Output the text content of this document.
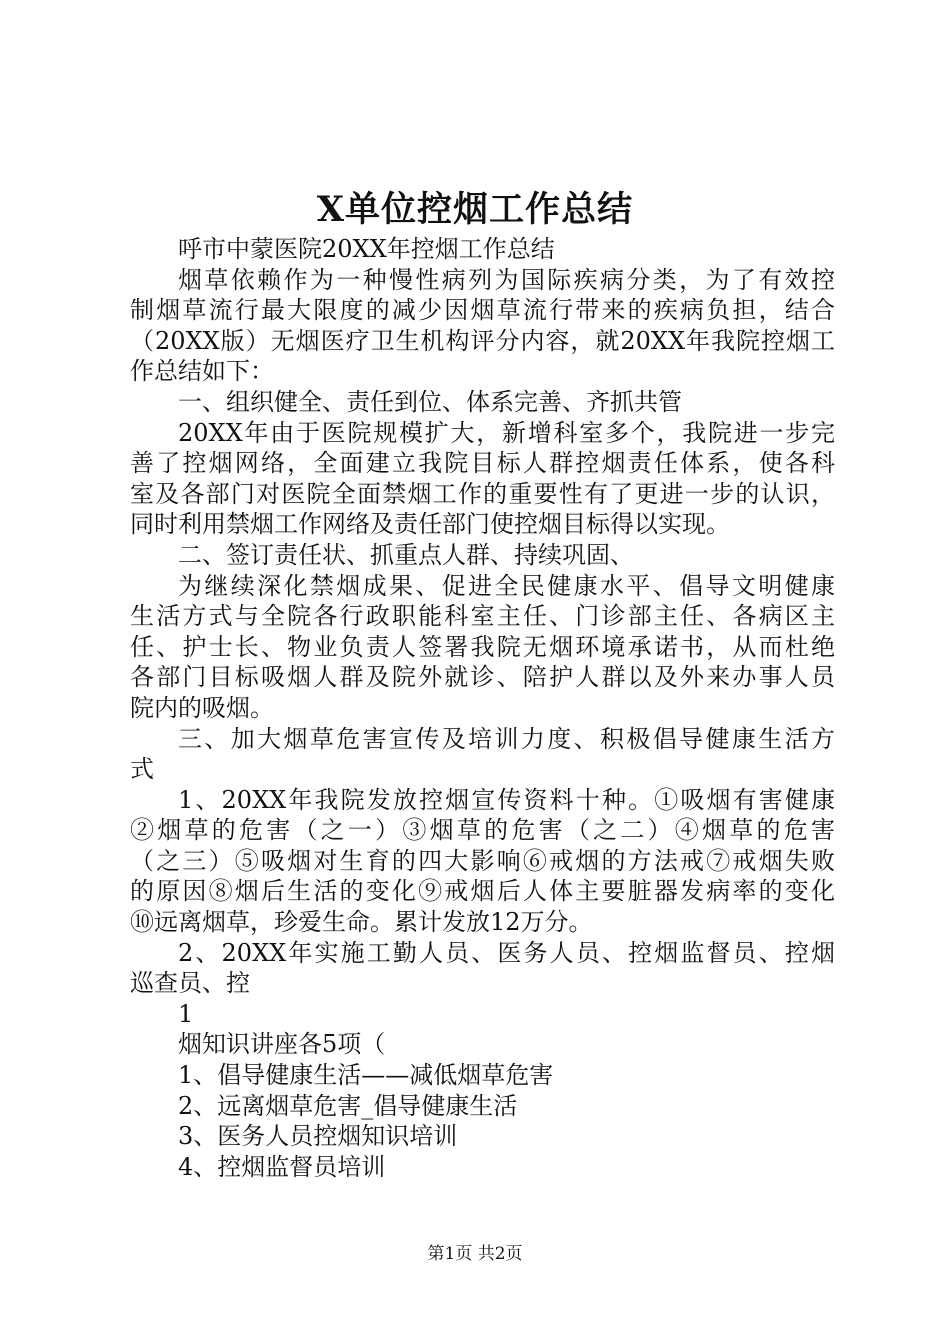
X单位控烟工作总结
呼市中蒙医院20XX年控烟工作总结
烟草依赖作为一种慢性病列为国际疾病分类，为了有效控
制烟草流行最大限度的减少因烟草流行带来的疾病负担，结合
（20XX版）无烟医疗卫生机构评分内容，就20XX年我院控烟工
作总结如下：
一、组织健全、责任到位、体系完善、齐抓共管
20XX年由于医院规模扩大，新增科室多个，我院进一步完
善了控烟网络，全面建立我院目标人群控烟责任体系，使各科
室及各部门对医院全面禁烟工作的重要性有了更进一步的认识，
同时利用禁烟工作网络及责任部门使控烟目标得以实现。
二、签订责任状、抓重点人群、持续巩固、
为继续深化禁烟成果、促进全民健康水平、倡导文明健康
生活方式与全院各行政职能科室主任、门诊部主任、各病区主
任、护士长、物业负责人签署我院无烟环境承诺书，从而杜绝
各部门目标吸烟人群及院外就诊、陪护人群以及外来办事人员
院内的吸烟。
三、加大烟草危害宣传及培训力度、积极倡导健康生活方
式
1、20XX年我院发放控烟宣传资料十种。①吸烟有害健康
②烟草的危害（之一）③烟草的危害（之二）④烟草的危害
（之三）⑤吸烟对生育的四大影响⑥戒烟的方法戒⑦戒烟失败
的原因⑧烟后生活的变化⑨戒烟后人体主要脏器发病率的变化
⑩远离烟草，珍爱生命。累计发放12万分。
2、20XX年实施工勤人员、医务人员、控烟监督员、控烟
巡查员、控
1
烟知识讲座各5项（
1、倡导健康生活——减低烟草危害
2、远离烟草危害_倡导健康生活
3、医务人员控烟知识培训
4、控烟监督员培训
第1页 共2页
